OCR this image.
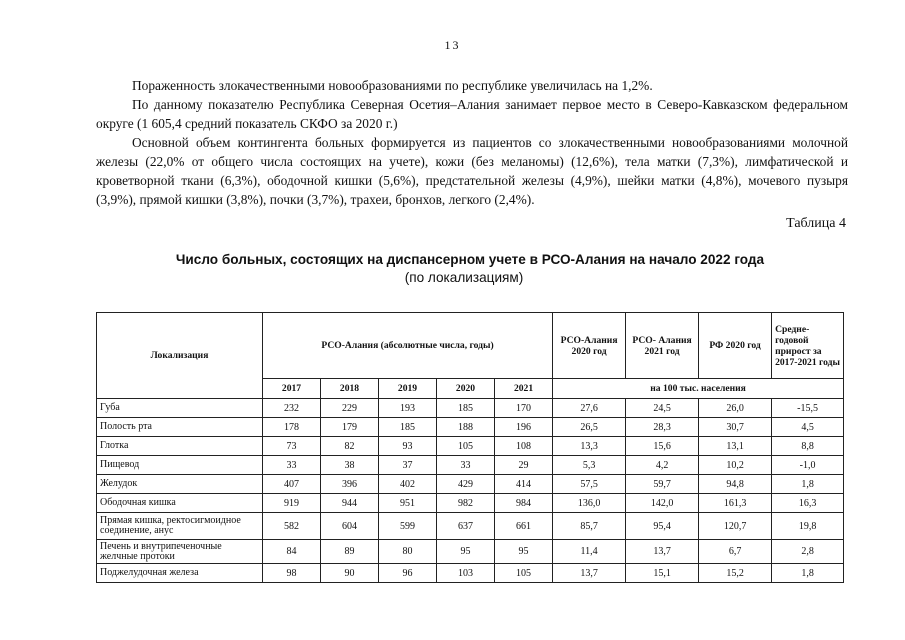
13

Пораженность злокачественными новообразованиями по республике увеличилась на 1,2%.

По данному показателю Республика Северная Осетия–Алания занимает первое место в Северо-Кавказском федеральном округе (1 605,4 средний показатель СКФО за 2020 г.)

Основной объем контингента больных формируется из пациентов со злокачественными новообразованиями молочной железы (22,0% от общего числа состоящих на учете), кожи (без меланомы) (12,6%), тела матки (7,3%), лимфатической и кроветворной ткани (6,3%), ободочной кишки (5,6%), предстательной железы (4,9%), шейки матки (4,8%), мочевого пузыря (3,9%), прямой кишки (3,8%), почки (3,7%), трахеи, бронхов, легкого (2,4%).

Таблица 4
Число больных, состоящих на диспансерном учете в РСО-Алания на начало 2022 года
(по локализациям)
Локализация	РСО-Алания (абсолютные числа, годы)					РСО-Алания 2020 год	РСО- Алания 2021 год	РФ 2020 год	Средне-годовой прирост за 2017-2021 годы
	2017	2018	2019	2020	2021	на 100 тыс. населения			
Губа	232	229	193	185	170	27,6	24,5	26,0	-15,5
Полость рта	178	179	185	188	196	26,5	28,3	30,7	4,5
Глотка	73	82	93	105	108	13,3	15,6	13,1	8,8
Пищевод	33	38	37	33	29	5,3	4,2	10,2	-1,0
Желудок	407	396	402	429	414	57,5	59,7	94,8	1,8
Ободочная кишка	919	944	951	982	984	136,0	142,0	161,3	16,3
Прямая кишка, ректосигмоидное соединение, анус	582	604	599	637	661	85,7	95,4	120,7	19,8
Печень и внутрипеченочные желчные протоки	84	89	80	95	95	11,4	13,7	6,7	2,8
Поджелудочная железа	98	90	96	103	105	13,7	15,1	15,2	1,8
